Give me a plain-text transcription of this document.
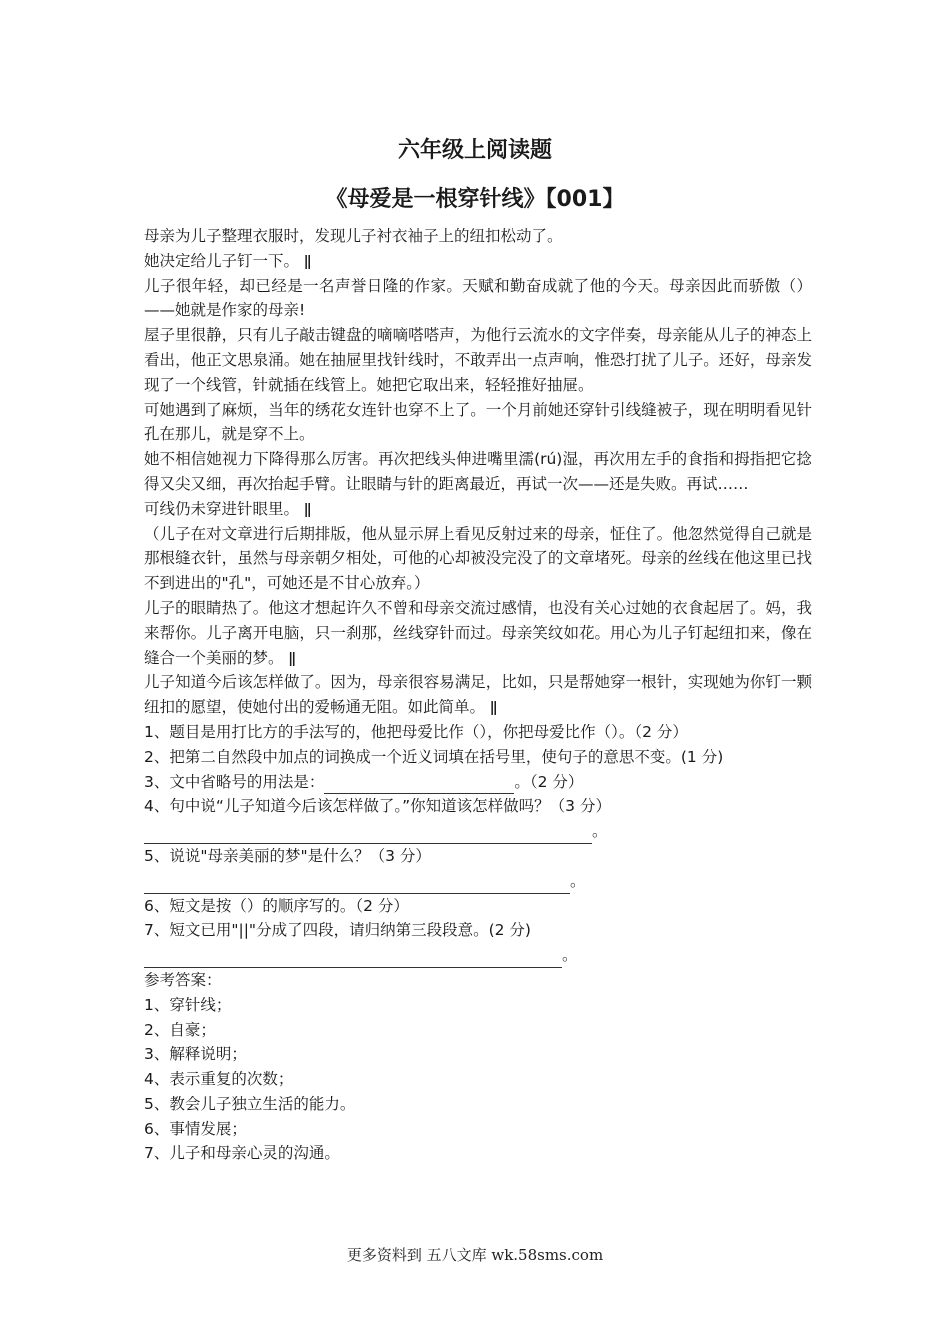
六年级上阅读题
《母爱是一根穿针线》【001】

母亲为儿子整理衣服时，发现儿子衬衣袖子上的纽扣松动了。

她决定给儿子钉一下。 ǁ

儿子很年轻，却已经是一名声誉日隆的作家。天赋和勤奋成就了他的今天。母亲因此而骄傲（）——她就是作家的母亲!

屋子里很静，只有儿子敲击键盘的嘀嘀嗒嗒声，为他行云流水的文字伴奏，母亲能从儿子的神态上看出，他正文思泉涌。她在抽屉里找针线时，不敢弄出一点声响，惟恐打扰了儿子。还好，母亲发现了一个线管，针就插在线管上。她把它取出来，轻轻推好抽屉。

可她遇到了麻烦，当年的绣花女连针也穿不上了。一个月前她还穿针引线缝被子，现在明明看见针孔在那儿，就是穿不上。

她不相信她视力下降得那么厉害。再次把线头伸进嘴里濡(rú)湿，再次用左手的食指和拇指把它捻得又尖又细，再次抬起手臂。让眼睛与针的距离最近，再试一次——还是失败。再试……

可线仍未穿进针眼里。 ǁ

（儿子在对文章进行后期排版，他从显示屏上看见反射过来的母亲，怔住了。他忽然觉得自己就是那根缝衣针，虽然与母亲朝夕相处，可他的心却被没完没了的文章堵死。母亲的丝线在他这里已找不到进出的"孔"，可她还是不甘心放弃。）

儿子的眼睛热了。他这才想起许久不曾和母亲交流过感情，也没有关心过她的衣食起居了。妈，我来帮你。儿子离开电脑，只一刹那，丝线穿针而过。母亲笑纹如花。用心为儿子钉起纽扣来，像在缝合一个美丽的梦。 ǁ

儿子知道今后该怎样做了。因为，母亲很容易满足，比如，只是帮她穿一根针，实现她为你钉一颗纽扣的愿望，使她付出的爱畅通无阻。如此简单。 ǁ

1、题目是用打比方的手法写的，他把母爱比作（），你把母爱比作（）。（2 分）

2、把第二自然段中加点的词换成一个近义词填在括号里，使句子的意思不变。(1 分)

3、文中省略号的用法是：	。（2 分）

4、句中说“儿子知道今后该怎样做了。”你知道该怎样做吗？（3 分）

。

5、说说"母亲美丽的梦"是什么？（3 分）

。

6、短文是按（）的顺序写的。（2 分）

7、短文已用"||"分成了四段，请归纳第三段段意。(2 分)

。

参考答案：

1、穿针线；

2、自豪；

3、解释说明；

4、表示重复的次数；

5、教会儿子独立生活的能力。

6、事情发展；

7、儿子和母亲心灵的沟通。

更多资料到 五八文库 wk.58sms.com
